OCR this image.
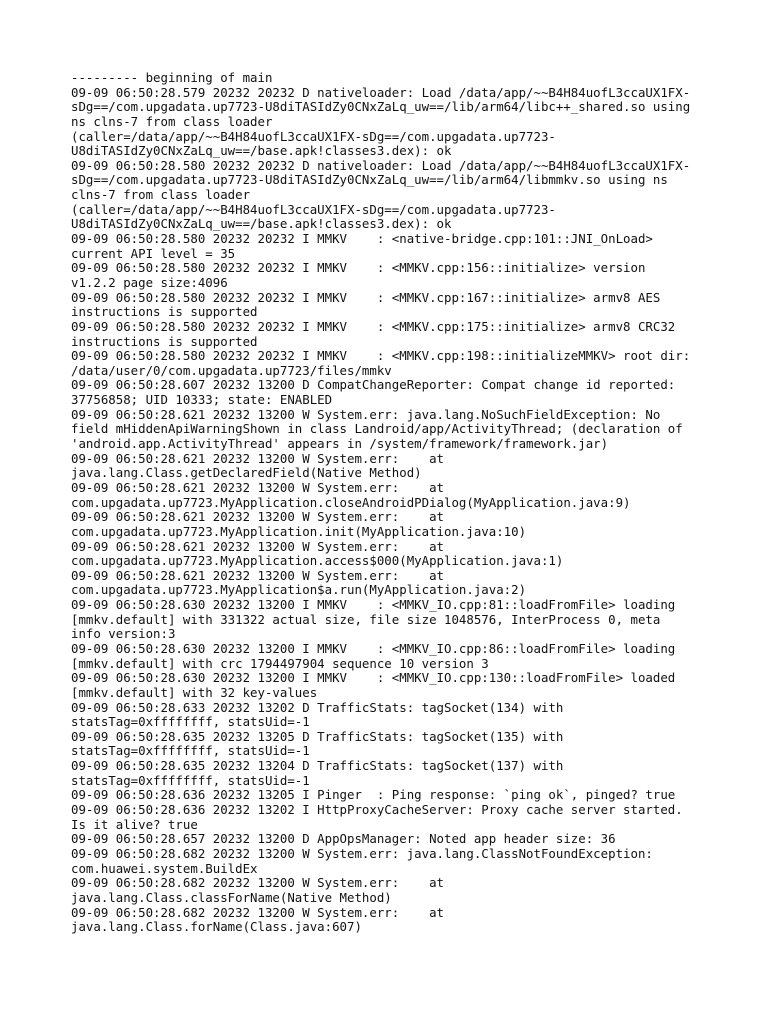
--------- beginning of main
09-09 06:50:28.579 20232 20232 D nativeloader: Load /data/app/~~B4H84uofL3ccaUX1FX-
sDg==/com.upgadata.up7723-U8diTASIdZy0CNxZaLq_uw==/lib/arm64/libc++_shared.so using
ns clns-7 from class loader
(caller=/data/app/~~B4H84uofL3ccaUX1FX-sDg==/com.upgadata.up7723-
U8diTASIdZy0CNxZaLq_uw==/base.apk!classes3.dex): ok
09-09 06:50:28.580 20232 20232 D nativeloader: Load /data/app/~~B4H84uofL3ccaUX1FX-
sDg==/com.upgadata.up7723-U8diTASIdZy0CNxZaLq_uw==/lib/arm64/libmmkv.so using ns
clns-7 from class loader
(caller=/data/app/~~B4H84uofL3ccaUX1FX-sDg==/com.upgadata.up7723-
U8diTASIdZy0CNxZaLq_uw==/base.apk!classes3.dex): ok
09-09 06:50:28.580 20232 20232 I MMKV    : <native-bridge.cpp:101::JNI_OnLoad>
current API level = 35
09-09 06:50:28.580 20232 20232 I MMKV    : <MMKV.cpp:156::initialize> version
v1.2.2 page size:4096
09-09 06:50:28.580 20232 20232 I MMKV    : <MMKV.cpp:167::initialize> armv8 AES
instructions is supported
09-09 06:50:28.580 20232 20232 I MMKV    : <MMKV.cpp:175::initialize> armv8 CRC32
instructions is supported
09-09 06:50:28.580 20232 20232 I MMKV    : <MMKV.cpp:198::initializeMMKV> root dir:
/data/user/0/com.upgadata.up7723/files/mmkv
09-09 06:50:28.607 20232 13200 D CompatChangeReporter: Compat change id reported:
37756858; UID 10333; state: ENABLED
09-09 06:50:28.621 20232 13200 W System.err: java.lang.NoSuchFieldException: No
field mHiddenApiWarningShown in class Landroid/app/ActivityThread; (declaration of
'android.app.ActivityThread' appears in /system/framework/framework.jar)
09-09 06:50:28.621 20232 13200 W System.err:    at
java.lang.Class.getDeclaredField(Native Method)
09-09 06:50:28.621 20232 13200 W System.err:    at
com.upgadata.up7723.MyApplication.closeAndroidPDialog(MyApplication.java:9)
09-09 06:50:28.621 20232 13200 W System.err:    at
com.upgadata.up7723.MyApplication.init(MyApplication.java:10)
09-09 06:50:28.621 20232 13200 W System.err:    at
com.upgadata.up7723.MyApplication.access$000(MyApplication.java:1)
09-09 06:50:28.621 20232 13200 W System.err:    at
com.upgadata.up7723.MyApplication$a.run(MyApplication.java:2)
09-09 06:50:28.630 20232 13200 I MMKV    : <MMKV_IO.cpp:81::loadFromFile> loading
[mmkv.default] with 331322 actual size, file size 1048576, InterProcess 0, meta
info version:3
09-09 06:50:28.630 20232 13200 I MMKV    : <MMKV_IO.cpp:86::loadFromFile> loading
[mmkv.default] with crc 1794497904 sequence 10 version 3
09-09 06:50:28.630 20232 13200 I MMKV    : <MMKV_IO.cpp:130::loadFromFile> loaded
[mmkv.default] with 32 key-values
09-09 06:50:28.633 20232 13202 D TrafficStats: tagSocket(134) with
statsTag=0xffffffff, statsUid=-1
09-09 06:50:28.635 20232 13205 D TrafficStats: tagSocket(135) with
statsTag=0xffffffff, statsUid=-1
09-09 06:50:28.635 20232 13204 D TrafficStats: tagSocket(137) with
statsTag=0xffffffff, statsUid=-1
09-09 06:50:28.636 20232 13205 I Pinger  : Ping response: `ping ok`, pinged? true
09-09 06:50:28.636 20232 13202 I HttpProxyCacheServer: Proxy cache server started.
Is it alive? true
09-09 06:50:28.657 20232 13200 D AppOpsManager: Noted app header size: 36
09-09 06:50:28.682 20232 13200 W System.err: java.lang.ClassNotFoundException:
com.huawei.system.BuildEx
09-09 06:50:28.682 20232 13200 W System.err:    at
java.lang.Class.classForName(Native Method)
09-09 06:50:28.682 20232 13200 W System.err:    at
java.lang.Class.forName(Class.java:607)
